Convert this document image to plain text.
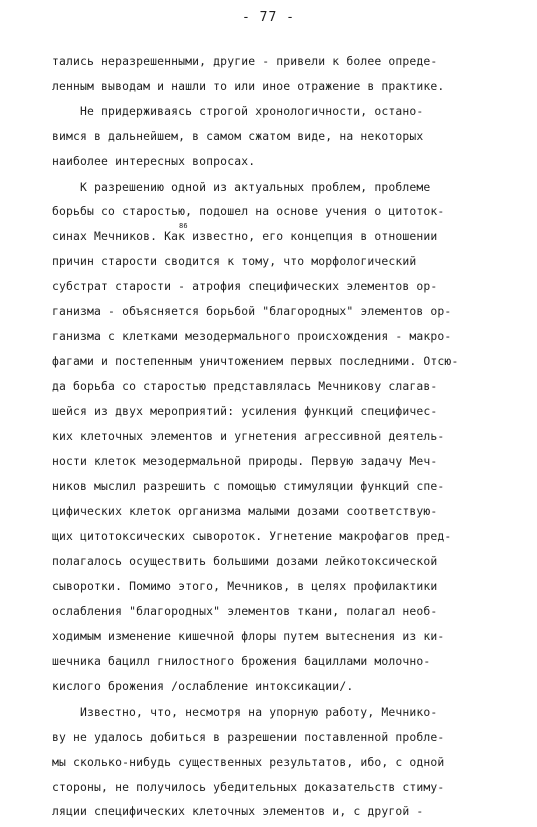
- 77 -
тались неразрешенными, другие - привели к более опреде-
ленным выводам и нашли то или иное отражение в практике.
Не придерживаясь строгой хронологичности, остано-
вимся в дальнейшем, в самом сжатом виде, на некоторых
наиболее интересных вопросах.
К разрешению одной из актуальных проблем, проблеме
борьбы со старостью, подошел на основе учения о цитоток-
синах Мечников. Как известно, его концепция в отношении
86
причин старости сводится к тому, что морфологический
субстрат старости - атрофия специфических элементов ор-
ганизма - объясняется борьбой "благородных" элементов ор-
ганизма с клетками мезодермального происхождения - макро-
фагами и постепенным уничтожением первых последними. Отсю-
да борьба со старостью представлялась Мечникову слагав-
шейся из двух мероприятий: усиления функций специфичес-
ких клеточных элементов и угнетения агрессивной деятель-
ности клеток мезодермальной природы. Первую задачу Меч-
ников мыслил разрешить с помощью стимуляции функций спе-
цифических клеток организма малыми дозами соответствую-
щих цитотоксических сывороток. Угнетение макрофагов пред-
полагалось осуществить большими дозами лейкотоксической
сыворотки. Помимо этого, Мечников, в целях профилактики
ослабления "благородных" элементов ткани, полагал необ-
ходимым изменение кишечной флоры путем вытеснения из ки-
шечника бацилл гнилостного брожения бациллами молочно-
кислого брожения /ослабление интоксикации/.
Известно, что, несмотря на упорную работу, Мечнико-
ву не удалось добиться в разрешении поставленной пробле-
мы сколько-нибудь существенных результатов, ибо, с одной
стороны, не получилось убедительных доказательств стиму-
ляции специфических клеточных элементов и, с другой -
